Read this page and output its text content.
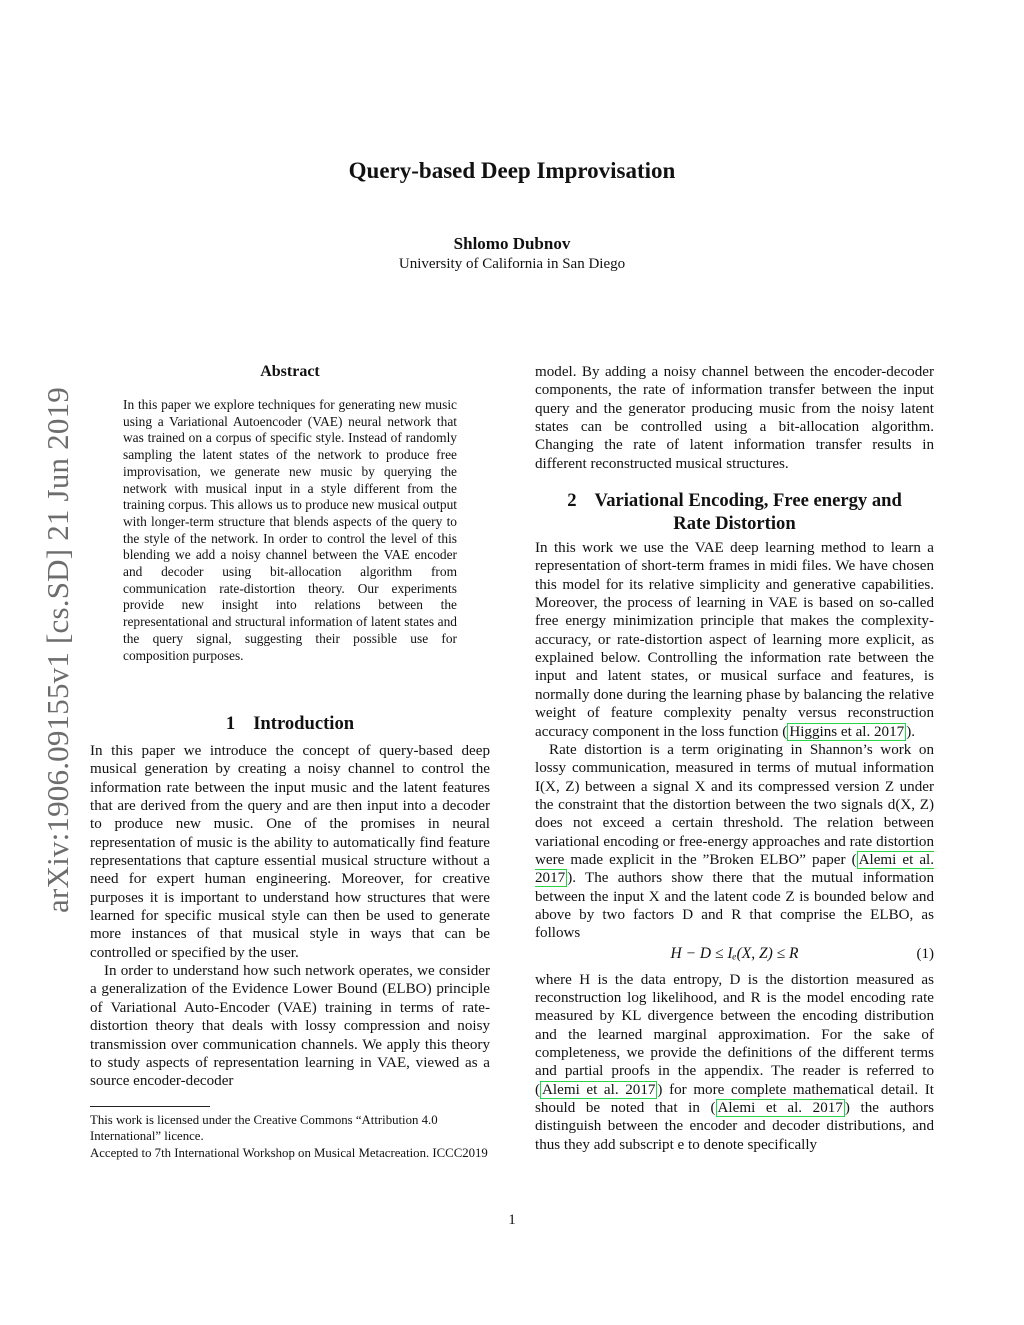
arXiv:1906.09155v1 [cs.SD] 21 Jun 2019
Query-based Deep Improvisation
Shlomo Dubnov
University of California in San Diego
Abstract
In this paper we explore techniques for generating new music using a Variational Autoencoder (VAE) neural network that was trained on a corpus of specific style. Instead of randomly sampling the latent states of the network to produce free improvisation, we generate new music by querying the network with musical input in a style different from the training corpus. This allows us to produce new musical output with longer-term structure that blends aspects of the query to the style of the network. In order to control the level of this blending we add a noisy channel between the VAE encoder and decoder using bit-allocation algorithm from communication rate-distortion theory. Our experiments provide new insight into relations between the representational and structural information of latent states and the query signal, suggesting their possible use for composition purposes.
1 Introduction

In this paper we introduce the concept of query-based deep musical generation by creating a noisy channel to control the information rate between the input music and the latent features that are derived from the query and are then input into a decoder to produce new music. One of the promises in neural representation of music is the ability to automatically find feature representations that capture essential musical structure without a need for expert human engineering. Moreover, for creative purposes it is important to understand how structures that were learned for specific musical style can then be used to generate more instances of that musical style in ways that can be controlled or specified by the user.

In order to understand how such network operates, we consider a generalization of the Evidence Lower Bound (ELBO) principle of Variational Auto-Encoder (VAE) training in terms of rate-distortion theory that deals with lossy compression and noisy transmission over communication channels. We apply this theory to study aspects of representation learning in VAE, viewed as a source encoder-decoder

model. By adding a noisy channel between the encoder-decoder components, the rate of information transfer between the input query and the generator producing music from the noisy latent states can be controlled using a bit-allocation algorithm. Changing the rate of latent information transfer results in different reconstructed musical structures.

2 Variational Encoding, Free energy and
Rate Distortion

In this work we use the VAE deep learning method to learn a representation of short-term frames in midi files. We have chosen this model for its relative simplicity and generative capabilities. Moreover, the process of learning in VAE is based on so-called free energy minimization principle that makes the complexity-accuracy, or rate-distortion aspect of learning more explicit, as explained below. Controlling the information rate between the input and latent states, or musical surface and features, is normally done during the learning phase by balancing the relative weight of feature complexity penalty versus reconstruction accuracy component in the loss function ( Higgins et al. 2017 ).

Rate distortion is a term originating in Shannon’s work on lossy communication, measured in terms of mutual information I(X, Z) between a signal X and its compressed version Z under the constraint that the distortion between the two signals d(X, Z) does not exceed a certain threshold. The relation between variational encoding or free-energy approaches and rate distortion were made explicit in the ”Broken ELBO” paper ( Alemi et al. 2017 ). The authors show there that the mutual information between the input X and the latent code Z is bounded below and above by two factors D and R that comprise the ELBO, as follows

H − D ≤ Iₑ(X, Z) ≤ R	(1)

where H is the data entropy, D is the distortion measured as reconstruction log likelihood, and R is the model encoding rate measured by KL divergence between the encoding distribution and the learned marginal approximation. For the sake of completeness, we provide the definitions of the different terms and partial proofs in the appendix. The reader is referred to ( Alemi et al. 2017 ) for more complete mathematical detail. It should be noted that in ( Alemi et al. 2017 ) the authors distinguish between the encoder and decoder distributions, and thus they add subscript e to denote specifically

This work is licensed under the Creative Commons “Attribution 4.0 International” licence.
Accepted to 7th International Workshop on Musical Metacreation. ICCC2019
1
